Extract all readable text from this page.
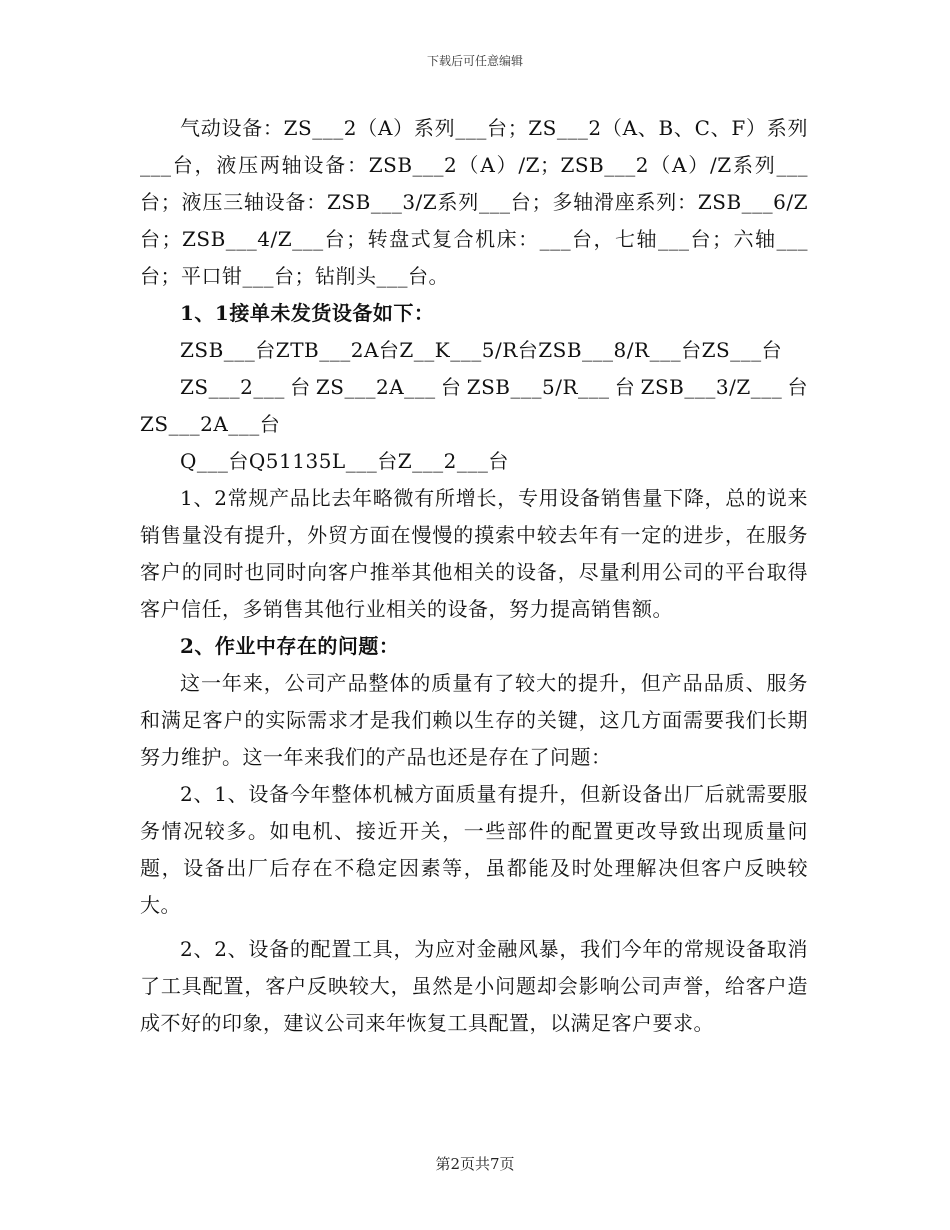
下载后可任意编辑

气动设备：ZS___2（A）系列___台；ZS___2（A、B、C、F）系列___台，液压两轴设备：ZSB___2（A）/Z；ZSB___2（A）/Z系列___台；液压三轴设备：ZSB___3/Z系列___台；多轴滑座系列：ZSB___6/Z台；ZSB___4/Z___台；转盘式复合机床：___台，七轴___台；六轴___台；平口钳___台；钻削头___台。

1、1接单未发货设备如下：

ZSB___台ZTB___2A台Z__K___5/R台ZSB___8/R___台ZS___台

ZS___2___台ZS___2A___台ZSB___5/R___台ZSB___3/Z___台ZS___2A___台

Q___台Q51135L___台Z___2___台

1、2常规产品比去年略微有所增长，专用设备销售量下降，总的说来销售量没有提升，外贸方面在慢慢的摸索中较去年有一定的进步，在服务客户的同时也同时向客户推举其他相关的设备，尽量利用公司的平台取得客户信任，多销售其他行业相关的设备，努力提高销售额。

2、作业中存在的问题：

这一年来，公司产品整体的质量有了较大的提升，但产品品质、服务和满足客户的实际需求才是我们赖以生存的关键，这几方面需要我们长期努力维护。这一年来我们的产品也还是存在了问题：

2、1、设备今年整体机械方面质量有提升，但新设备出厂后就需要服务情况较多。如电机、接近开关，一些部件的配置更改导致出现质量问题，设备出厂后存在不稳定因素等，虽都能及时处理解决但客户反映较大。

2、2、设备的配置工具，为应对金融风暴，我们今年的常规设备取消了工具配置，客户反映较大，虽然是小问题却会影响公司声誉，给客户造成不好的印象，建议公司来年恢复工具配置，以满足客户要求。

第2页共7页
